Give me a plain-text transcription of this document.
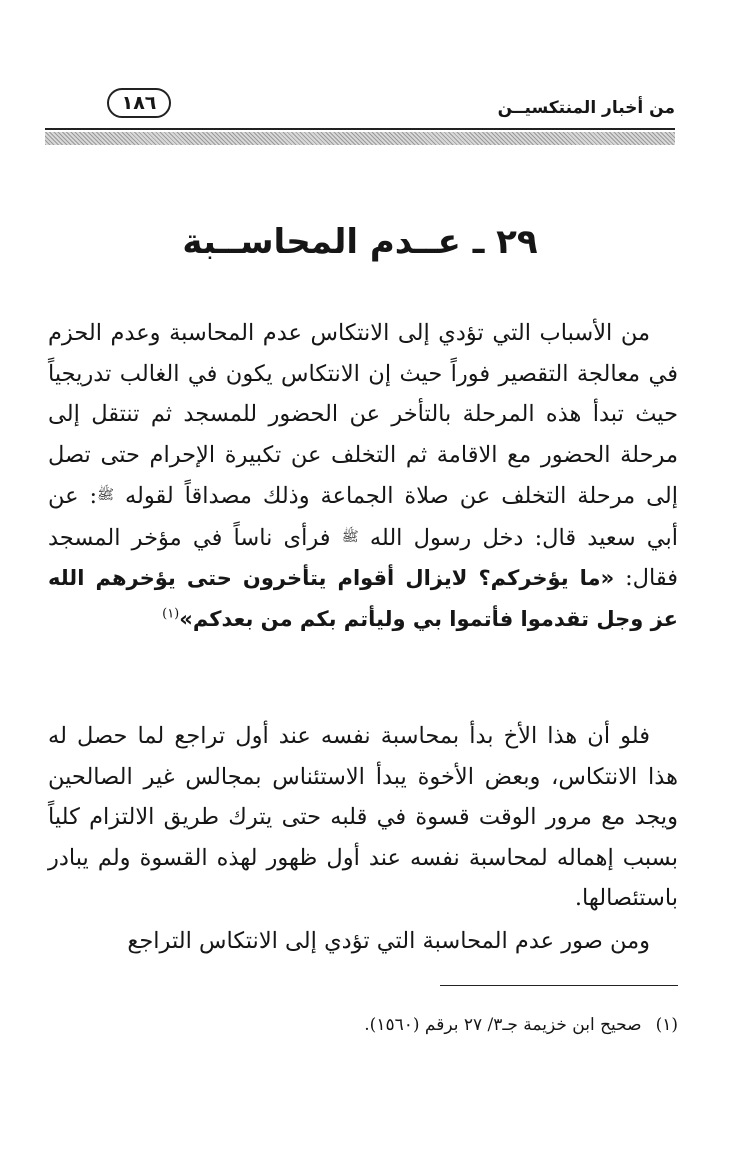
من أخبار المنتكسيــن
١٨٦
٢٩ ـ عــدم المحاســبة
من الأسباب التي تؤدي إلى الانتكاس عدم المحاسبة وعدم الحزم في معالجة التقصير فوراً حيث إن الانتكاس يكون في الغالب تدريجياً حيث تبدأ هذه المرحلة بالتأخر عن الحضور للمسجد ثم تنتقل إلى مرحلة الحضور مع الاقامة ثم التخلف عن تكبيرة الإحرام حتى تصل إلى مرحلة التخلف عن صلاة الجماعة وذلك مصداقاً لقوله ﷺ: عن أبي سعيد قال: دخل رسول الله ﷺ فرأى ناساً في مؤخر المسجد فقال: «ما يؤخركم؟ لايزال أقوام يتأخرون حتى يؤخرهم الله عز وجل تقدموا فأتموا بي وليأتم بكم من بعدكم»$^{(١)}$
فلو أن هذا الأخ بدأ بمحاسبة نفسه عند أول تراجع لما حصل له هذا الانتكاس، وبعض الأخوة يبدأ الاستئناس بمجالس غير الصالحين ويجد مع مرور الوقت قسوة في قلبه حتى يترك طريق الالتزام كلياً بسبب إهماله لمحاسبة نفسه عند أول ظهور لهذه القسوة ولم يبادر باستئصالها.
ومن صور عدم المحاسبة التي تؤدي إلى الانتكاس التراجع
(١)صحيح ابن خزيمة جـ٣/ ٢٧ برقم (١٥٦٠).
